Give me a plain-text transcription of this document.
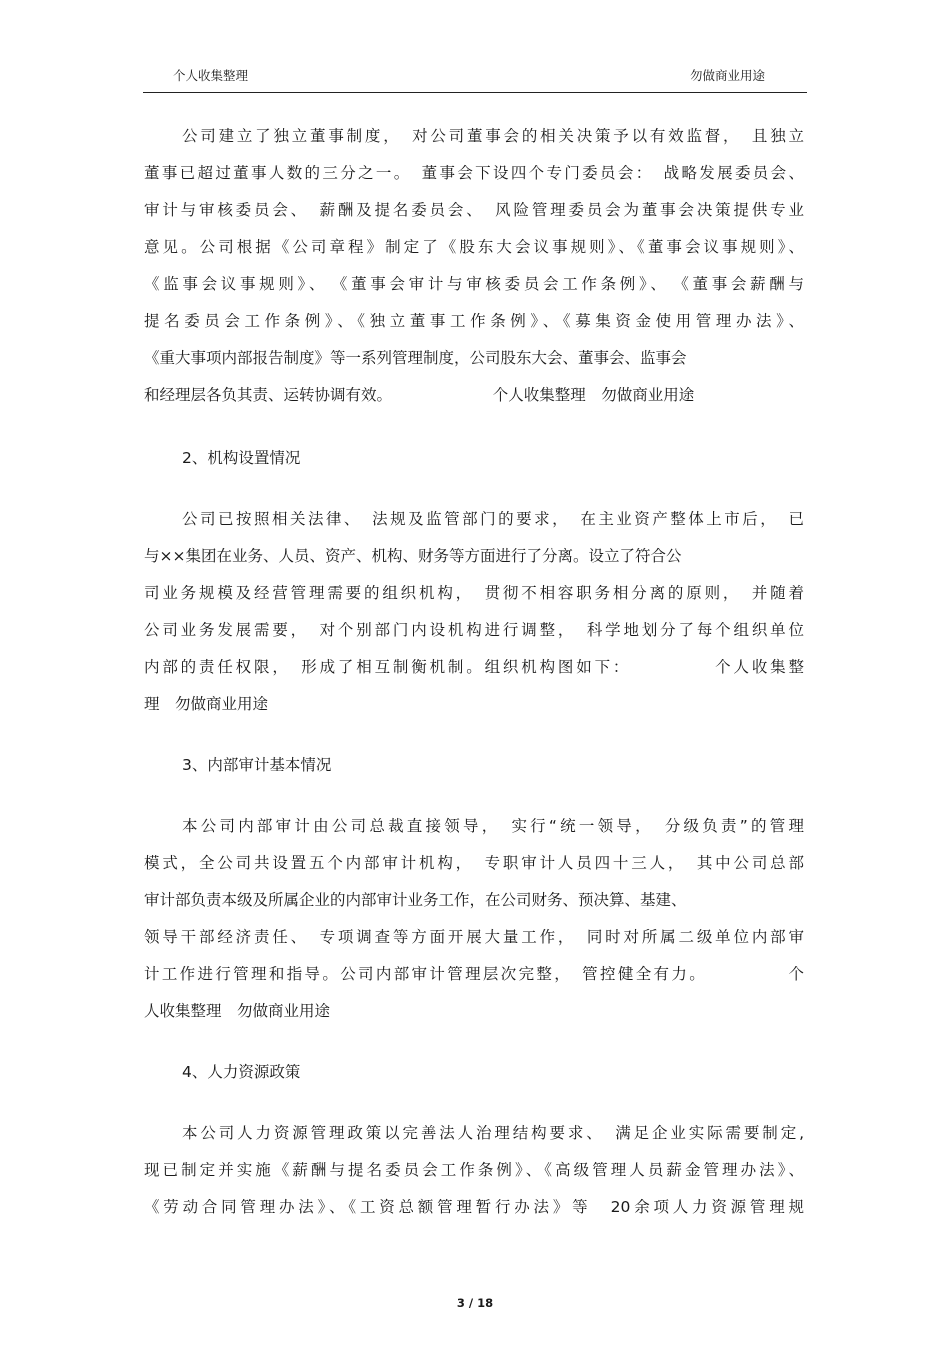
个人收集整理	勿做商业用途
公司建立了独立董事制度，　对公司董事会的相关决策予以有效监督，　且独立
董事已超过董事人数的三分之一。　董事会下设四个专门委员会：　战略发展委员会、
审计与审核委员会、　薪酬及提名委员会、　风险管理委员会为董事会决策提供专业
意见。公司根据《公司章程》制定了《股东大会议事规则》、《董事会议事规则》、
《监事会议事规则》、　《董事会审计与审核委员会工作条例》、　《董事会薪酬与
提名委员会工作条例》、《独立董事工作条例》、《募集资金使用管理办法》、
《重大事项内部报告制度》等一系列管理制度，公司股东大会、董事会、监事会
和经理层各负其责、运转协调有效。　　　　　　　个人收集整理　勿做商业用途
2、机构设置情况
公司已按照相关法律、　法规及监管部门的要求，　在主业资产整体上市后，　已
与××集团在业务、人员、资产、机构、财务等方面进行了分离。设立了符合公
司业务规模及经营管理需要的组织机构，　贯彻不相容职务相分离的原则，　并随着
公司业务发展需要，　对个别部门内设机构进行调整，　科学地划分了每个组织单位
内部的责任权限，　形成了相互制衡机制。组织机构图如下：　　　　　个人收集整
理　勿做商业用途
3、内部审计基本情况
本公司内部审计由公司总裁直接领导，　实行“统一领导，　分级负责”的管理
模式，全公司共设置五个内部审计机构，　专职审计人员四十三人，　其中公司总部
审计部负责本级及所属企业的内部审计业务工作，在公司财务、预决算、基建、
领导干部经济责任、　专项调查等方面开展大量工作，　同时对所属二级单位内部审
计工作进行管理和指导。公司内部审计管理层次完整，　管控健全有力。　　　　　个
人收集整理　勿做商业用途
4、人力资源政策
本公司人力资源管理政策以完善法人治理结构要求、　满足企业实际需要制定,
现已制定并实施《薪酬与提名委员会工作条例》、《高级管理人员薪金管理办法》、
《劳动合同管理办法》、《工资总额管理暂行办法》等　20余项人力资源管理规
3 / 18
